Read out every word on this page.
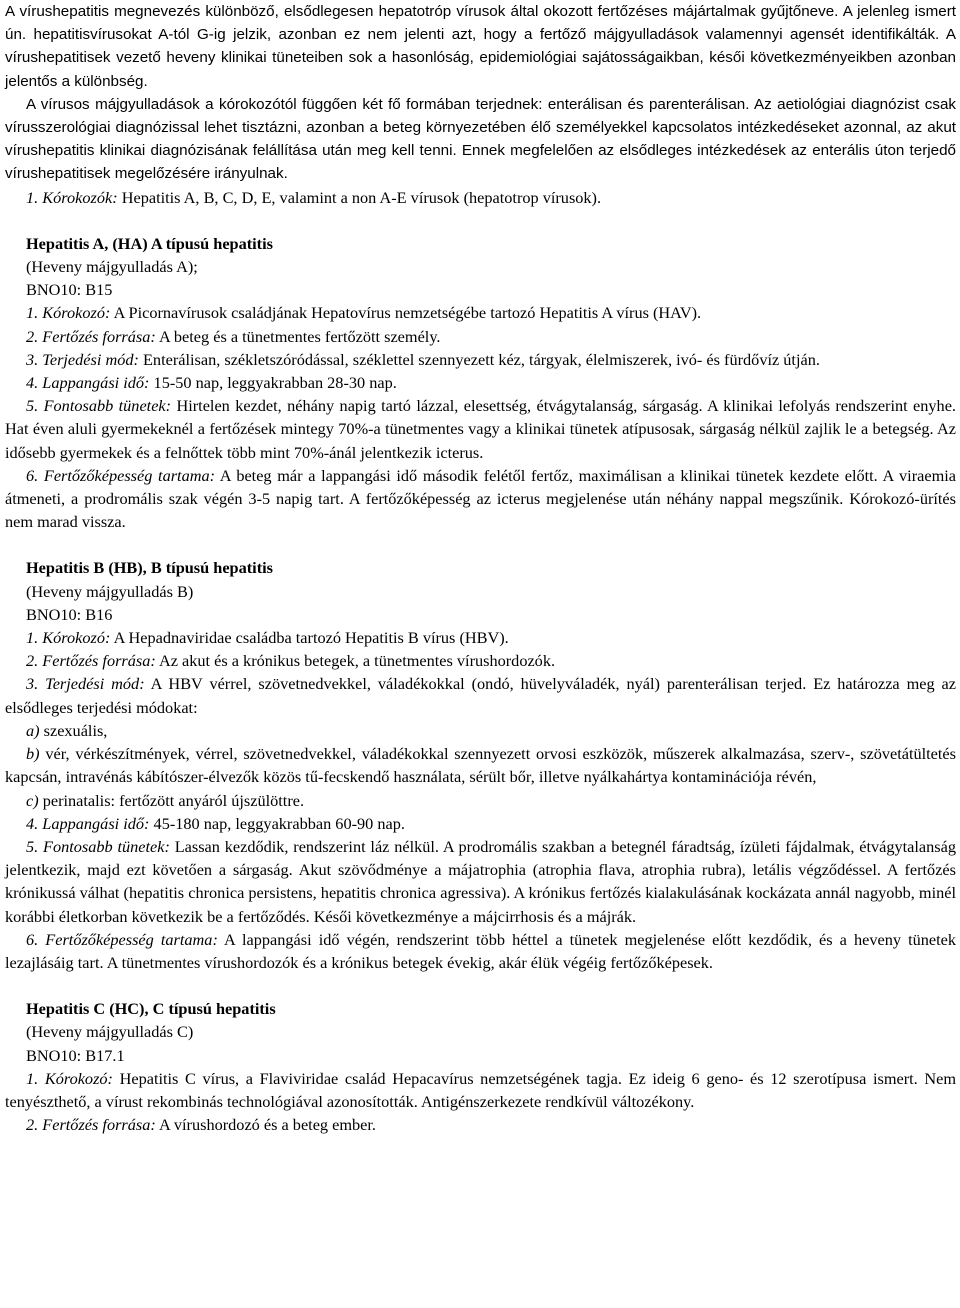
A vírushepatitis megnevezés különböző, elsődlegesen hepatotróp vírusok által okozott fertőzéses májártalmak gyűjtőneve. A jelenleg ismert ún. hepatitisvírusokat A-tól G-ig jelzik, azonban ez nem jelenti azt, hogy a fertőző májgyulladások valamennyi agensét identifikálták. A vírushepatitisek vezető heveny klinikai tüneteiben sok a hasonlóság, epidemiológiai sajátosságaikban, késői következményeikben azonban jelentős a különbség.

A vírusos májgyulladások a kórokozótól függően két fő formában terjednek: enterálisan és parenterálisan. Az aetiológiai diagnózist csak vírusszerológiai diagnózissal lehet tisztázni, azonban a beteg környezetében élő személyekkel kapcsolatos intézkedéseket azonnal, az akut vírushepatitis klinikai diagnózisának felállítása után meg kell tenni. Ennek megfelelően az elsődleges intézkedések az enterális úton terjedő vírushepatitisek megelőzésére irányulnak.

1. Kórokozók: Hepatitis A, B, C, D, E, valamint a non A-E vírusok (hepatotrop vírusok).

Hepatitis A, (HA) A típusú hepatitis

(Heveny májgyulladás A);

BNO10: B15

1. Kórokozó: A Picornavírusok családjának Hepatovírus nemzetségébe tartozó Hepatitis A vírus (HAV).

2. Fertőzés forrása: A beteg és a tünetmentes fertőzött személy.

3. Terjedési mód: Enterálisan, székletszóródással, széklettel szennyezett kéz, tárgyak, élelmiszerek, ivó- és fürdővíz útján.

4. Lappangási idő: 15-50 nap, leggyakrabban 28-30 nap.

5. Fontosabb tünetek: Hirtelen kezdet, néhány napig tartó lázzal, elesettség, étvágytalanság, sárgaság. A klinikai lefolyás rendszerint enyhe. Hat éven aluli gyermekeknél a fertőzések mintegy 70%-a tünetmentes vagy a klinikai tünetek atípusosak, sárgaság nélkül zajlik le a betegség. Az idősebb gyermekek és a felnőttek több mint 70%-ánál jelentkezik icterus.

6. Fertőzőképesség tartama: A beteg már a lappangási idő második felétől fertőz, maximálisan a klinikai tünetek kezdete előtt. A viraemia átmeneti, a prodromális szak végén 3-5 napig tart. A fertőzőképesség az icterus megjelenése után néhány nappal megszűnik. Kórokozó-ürítés nem marad vissza.

Hepatitis B (HB), B típusú hepatitis

(Heveny májgyulladás B)

BNO10: B16

1. Kórokozó: A Hepadnaviridae családba tartozó Hepatitis B vírus (HBV).

2. Fertőzés forrása: Az akut és a krónikus betegek, a tünetmentes vírushordozók.

3. Terjedési mód: A HBV vérrel, szövetnedvekkel, váladékokkal (ondó, hüvelyváladék, nyál) parenterálisan terjed. Ez határozza meg az elsődleges terjedési módokat:

a) szexuális,

b) vér, vérkészítmények, vérrel, szövetnedvekkel, váladékokkal szennyezett orvosi eszközök, műszerek alkalmazása, szerv-, szövetátültetés kapcsán, intravénás kábítószer-élvezők közös tű-fecskendő használata, sérült bőr, illetve nyálkahártya kontaminációja révén,

c) perinatalis: fertőzött anyáról újszülöttre.

4. Lappangási idő: 45-180 nap, leggyakrabban 60-90 nap.

5. Fontosabb tünetek: Lassan kezdődik, rendszerint láz nélkül. A prodromális szakban a betegnél fáradtság, ízületi fájdalmak, étvágytalanság jelentkezik, majd ezt követően a sárgaság. Akut szövődménye a májatrophia (atrophia flava, atrophia rubra), letális végződéssel. A fertőzés krónikussá válhat (hepatitis chronica persistens, hepatitis chronica agressiva). A krónikus fertőzés kialakulásának kockázata annál nagyobb, minél korábbi életkorban következik be a fertőződés. Késői következménye a májcirrhosis és a májrák.

6. Fertőzőképesség tartama: A lappangási idő végén, rendszerint több héttel a tünetek megjelenése előtt kezdődik, és a heveny tünetek lezajlásáig tart. A tünetmentes vírushordozók és a krónikus betegek évekig, akár élük végéig fertőzőképesek.

Hepatitis C (HC), C típusú hepatitis

(Heveny májgyulladás C)

BNO10: B17.1

1. Kórokozó: Hepatitis C vírus, a Flaviviridae család Hepacavírus nemzetségének tagja. Ez ideig 6 geno- és 12 szerotípusa ismert. Nem tenyészthető, a vírust rekombinás technológiával azonosították. Antigénszerkezete rendkívül változékony.

2. Fertőzés forrása: A vírushordozó és a beteg ember.
